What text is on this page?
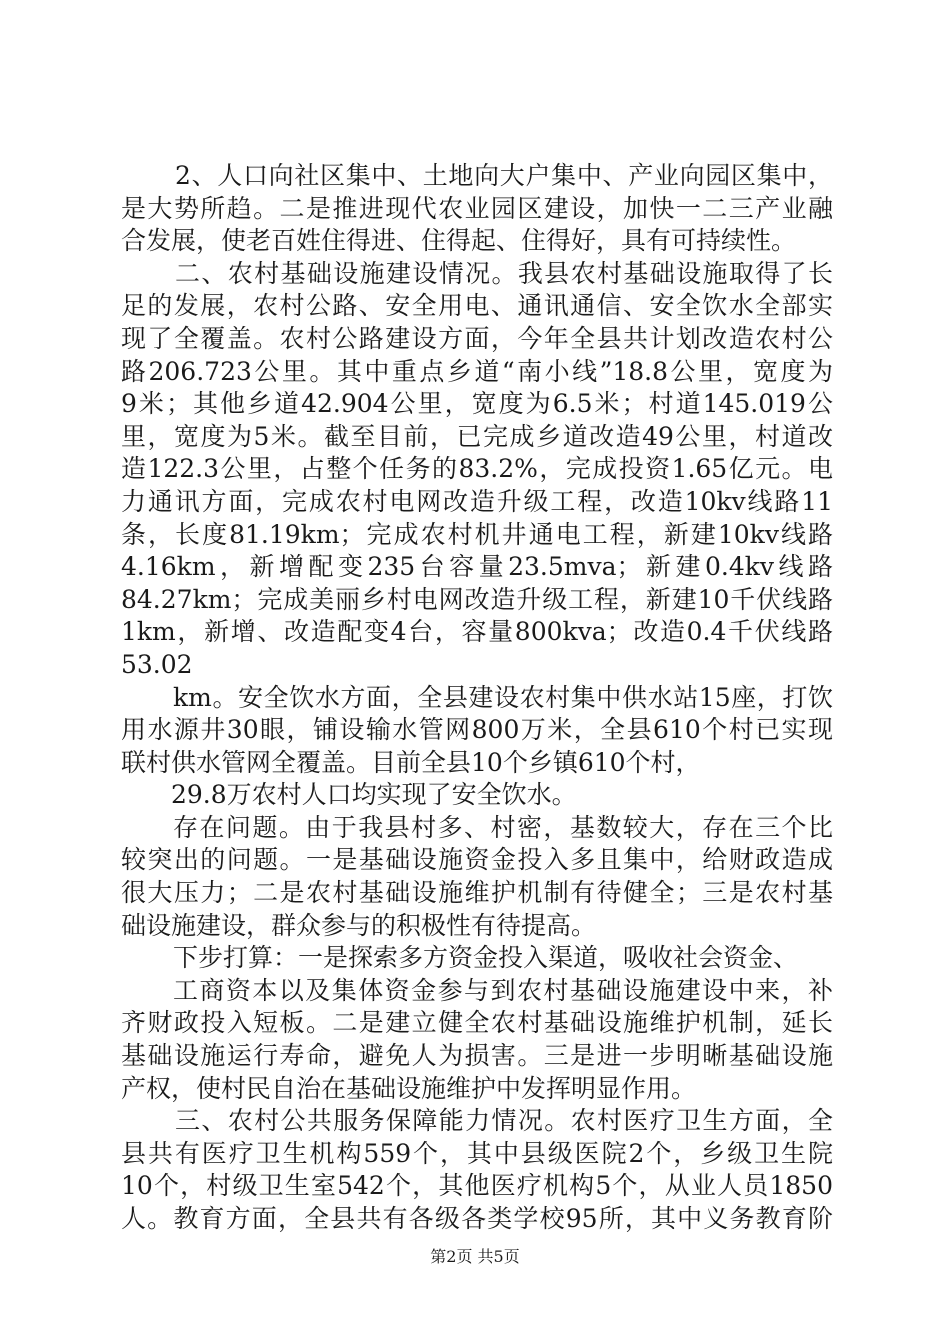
2、人口向社区集中、土地向大户集中、产业向园区集中，
是大势所趋。二是推进现代农业园区建设，加快一二三产业融
合发展，使老百姓住得进、住得起、住得好，具有可持续性。
二、农村基础设施建设情况。我县农村基础设施取得了长
足的发展，农村公路、安全用电、通讯通信、安全饮水全部实
现了全覆盖。农村公路建设方面，今年全县共计划改造农村公
路206.723公里。其中重点乡道“南小线”18.8公里，宽度为
9米；其他乡道42.904公里，宽度为6.5米；村道145.019公
里，宽度为5米。截至目前，已完成乡道改造49公里，村道改
造122.3公里，占整个任务的83.2%，完成投资1.65亿元。电
力通讯方面，完成农村电网改造升级工程，改造10kv线路11
条，长度81.19km；完成农村机井通电工程，新建10kv线路
4.16km，新增配变235台容量23.5mva；新建0.4kv线路
84.27km；完成美丽乡村电网改造升级工程，新建10千伏线路
1km，新增、改造配变4台，容量800kva；改造0.4千伏线路
53.02
km。安全饮水方面，全县建设农村集中供水站15座，打饮
用水源井30眼，铺设输水管网800万米，全县610个村已实现
联村供水管网全覆盖。目前全县10个乡镇610个村，
29.8万农村人口均实现了安全饮水。
存在问题。由于我县村多、村密，基数较大，存在三个比
较突出的问题。一是基础设施资金投入多且集中，给财政造成
很大压力；二是农村基础设施维护机制有待健全；三是农村基
础设施建设，群众参与的积极性有待提高。
下步打算：一是探索多方资金投入渠道，吸收社会资金、
工商资本以及集体资金参与到农村基础设施建设中来，补
齐财政投入短板。二是建立健全农村基础设施维护机制，延长
基础设施运行寿命，避免人为损害。三是进一步明晰基础设施
产权，使村民自治在基础设施维护中发挥明显作用。
三、农村公共服务保障能力情况。农村医疗卫生方面，全
县共有医疗卫生机构559个，其中县级医院2个，乡级卫生院
10个，村级卫生室542个，其他医疗机构5个，从业人员1850
人。教育方面，全县共有各级各类学校95所，其中义务教育阶
第2页 共5页
